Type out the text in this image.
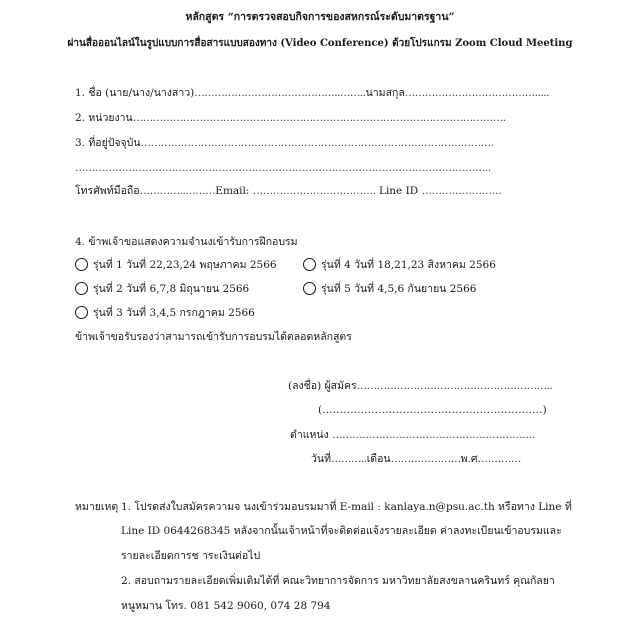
หลักสูตร “การตรวจสอบกิจการของสหกรณ์ระดับมาตรฐาน”
ผ่านสื่อออนไลน์ในรูปแบบการสื่อสารแบบสองทาง (Video Conference) ด้วยโปรแกรม Zoom Cloud Meeting
1. ชื่อ (นาย/นาง/นางสาว)……………………………………..……..นามสกุล………………………………….....
2. หน่วยงาน………………………………………………………………………………………………….
3. ที่อยู่ปัจจุบัน…………………………………………………………………………………………….
……………………………………………………………………………………………………………..
โทรศัพท์มือถือ…………..………Email: ………………………………. Line ID ……………………
4. ข้าพเจ้าขอแสดงความจำนงเข้ารับการฝึกอบรม
รุ่นที่ 1 วันที่ 22,23,24 พฤษภาคม 2566
รุ่นที่ 2 วันที่ 6,7,8 มิถุนายน 2566
รุ่นที่ 3 วันที่ 3,4,5 กรกฎาคม 2566
รุ่นที่ 4 วันที่ 18,21,23 สิงหาคม 2566
รุ่นที่ 5 วันที่ 4,5,6 กันยายน 2566
ข้าพเจ้าขอรับรองว่าสามารถเข้ารับการอบรมได้ตลอดหลักสูตร
(ลงชื่อ) ผู้สมัคร…………………………………………………..
(………………………………………………………)
ตำแหน่ง …………………………………………………….
วันที่………..เดือน…………………พ.ศ.…………
หมายเหตุ 1. โปรดส่งใบสมัครความจ นงเข้าร่วมอบรมมาที่ E-mail : kanlaya.n@psu.ac.th หรือทาง Line ที่
Line ID 0644268345 หลังจากนั้นเจ้าหน้าที่จะติดต่อแจ้งรายละเอียด ค่าลงทะเบียนเข้าอบรมและ
รายละเอียดการช าระเงินต่อไป
2. สอบถามรายละเอียดเพิ่มเติมได้ที่ คณะวิทยาการจัดการ มหาวิทยาลัยสงขลานครินทร์ คุณกัลยา
หนูหมาน โทร. 081 542 9060, 074 28 794
